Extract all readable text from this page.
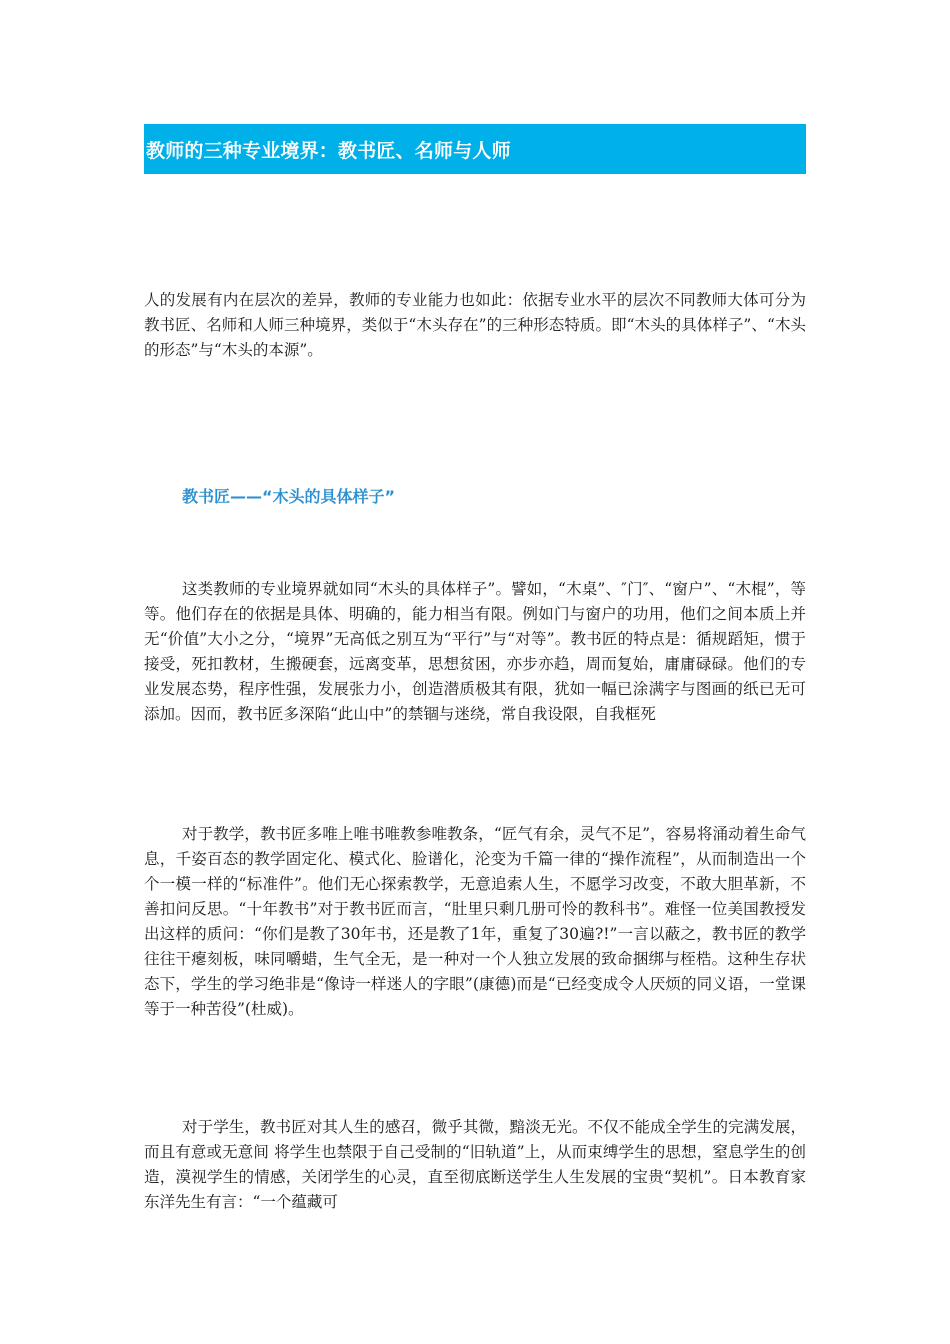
教师的三种专业境界：教书匠、名师与人师

人的发展有内在层次的差异，教师的专业能力也如此：依据专业水平的层次不同教师大体可分为教书匠、名师和人师三种境界，类似于“木头存在”的三种形态特质。即“木头的具体样子”、“木头的形态”与“木头的本源”。

教书匠——“木头的具体样子”

这类教师的专业境界就如同“木头的具体样子”。譬如，“木桌”、″门″、“窗户”、“木棍”，等等。他们存在的依据是具体、明确的，能力相当有限。例如门与窗户的功用，他们之间本质上并无“价值”大小之分，“境界”无高低之别互为“平行”与“对等”。教书匠的特点是：循规蹈矩，惯于接受，死扣教材，生搬硬套，远离变革，思想贫困，亦步亦趋，周而复始，庸庸碌碌。他们的专业发展态势，程序性强，发展张力小，创造潜质极其有限，犹如一幅已涂满字与图画的纸已无可添加。因而，教书匠多深陷“此山中”的禁锢与迷绕，常自我设限，自我框死

对于教学，教书匠多唯上唯书唯教参唯教条，“匠气有余，灵气不足”，容易将涌动着生命气息，千姿百态的教学固定化、模式化、脸谱化，沦变为千篇一律的“操作流程”，从而制造出一个个一模一样的“标准件”。他们无心探索教学，无意追索人生，不愿学习改变，不敢大胆革新，不善扣问反思。“十年教书”对于教书匠而言，“肚里只剩几册可怜的教科书”。难怪一位美国教授发出这样的质问：“你们是教了30年书，还是教了1年，重复了30遍?!”一言以蔽之，教书匠的教学往往干瘪刻板，味同嚼蜡，生气全无，是一种对一个人独立发展的致命捆绑与桎梏。这种生存状态下，学生的学习绝非是“像诗一样迷人的字眼”(康德)而是“已经变成令人厌烦的同义语，一堂课等于一种苦役”(杜威)。

对于学生，教书匠对其人生的感召，微乎其微，黯淡无光。不仅不能成全学生的完满发展，而且有意或无意间 将学生也禁限于自己受制的“旧轨道”上，从而束缚学生的思想，窒息学生的创造，漠视学生的情感，关闭学生的心灵，直至彻底断送学生人生发展的宝贵“契机”。日本教育家东洋先生有言：“一个蕴藏可
